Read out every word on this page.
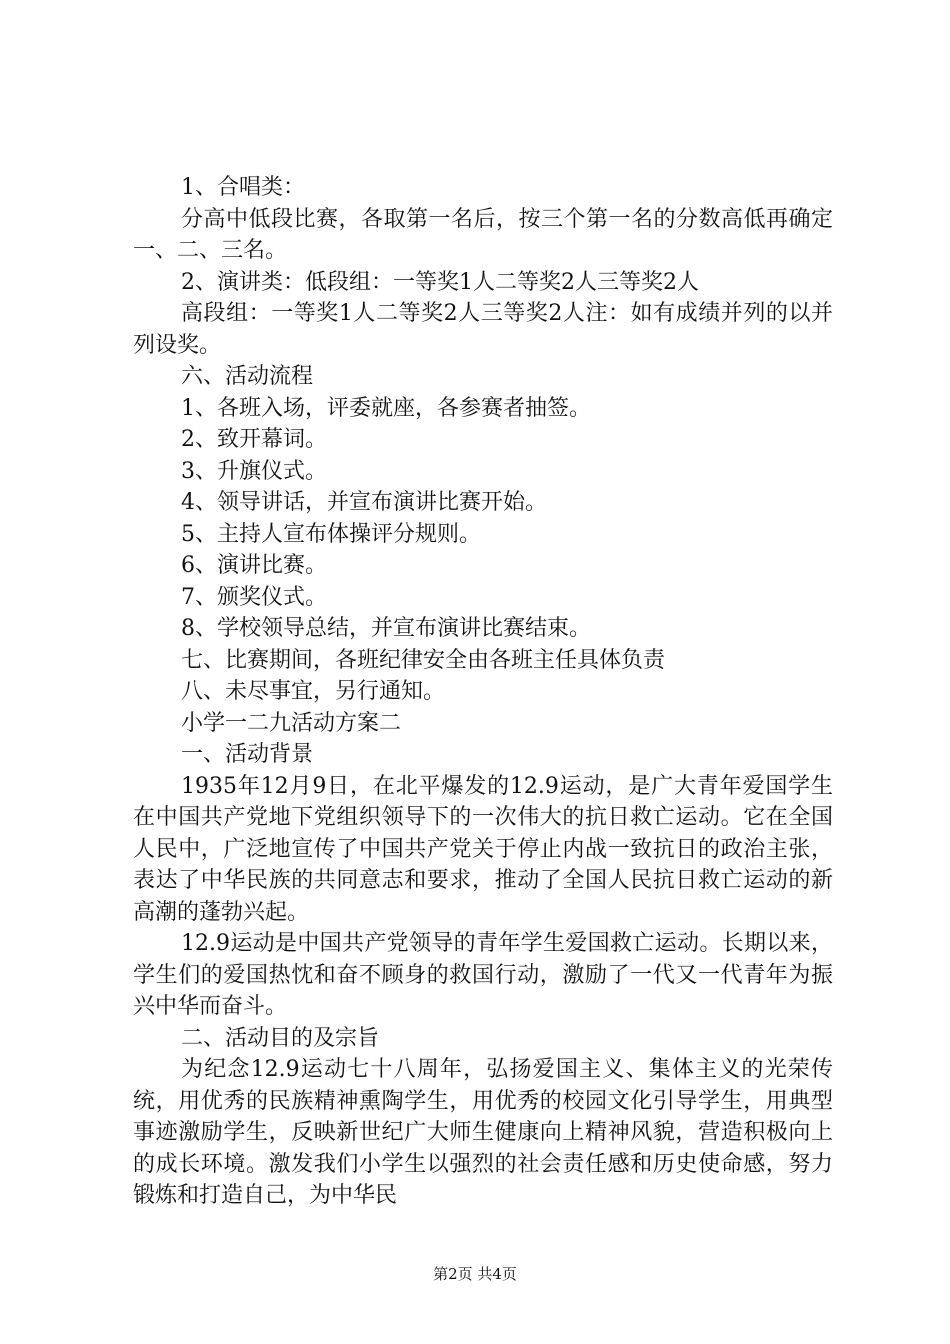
1、合唱类：

分高中低段比赛，各取第一名后，按三个第一名的分数高低再确定一、二、三名。

2、演讲类：低段组：一等奖1人二等奖2人三等奖2人

高段组：一等奖1人二等奖2人三等奖2人注：如有成绩并列的以并列设奖。

六、活动流程

1、各班入场，评委就座，各参赛者抽签。

2、致开幕词。

3、升旗仪式。

4、领导讲话，并宣布演讲比赛开始。

5、主持人宣布体操评分规则。

6、演讲比赛。

7、颁奖仪式。

8、学校领导总结，并宣布演讲比赛结束。

七、比赛期间，各班纪律安全由各班主任具体负责

八、未尽事宜，另行通知。

小学一二九活动方案二

一、活动背景

1935年12月9日，在北平爆发的12.9运动，是广大青年爱国学生在中国共产党地下党组织领导下的一次伟大的抗日救亡运动。它在全国人民中，广泛地宣传了中国共产党关于停止内战一致抗日的政治主张，表达了中华民族的共同意志和要求，推动了全国人民抗日救亡运动的新高潮的蓬勃兴起。

12.9运动是中国共产党领导的青年学生爱国救亡运动。长期以来，学生们的爱国热忱和奋不顾身的救国行动，激励了一代又一代青年为振兴中华而奋斗。

二、活动目的及宗旨

为纪念12.9运动七十八周年，弘扬爱国主义、集体主义的光荣传统，用优秀的民族精神熏陶学生，用优秀的校园文化引导学生，用典型事迹激励学生，反映新世纪广大师生健康向上精神风貌，营造积极向上的成长环境。激发我们小学生以强烈的社会责任感和历史使命感，努力锻炼和打造自己，为中华民

第2页 共4页
